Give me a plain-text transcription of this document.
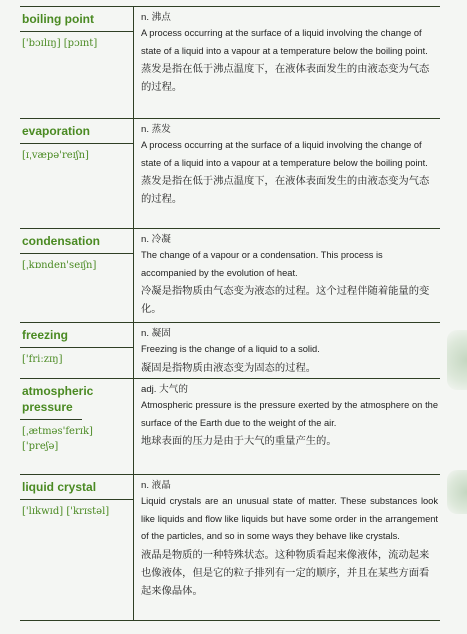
boiling point
['bɔɪlɪŋ] [pɔɪnt]
n. 沸点
A process occurring at the surface of a liquid involving the change of state of a liquid into a vapour at a temperature below the boiling point.
蒸发是指在低于沸点温度下，在液体表面发生的由液态变为气态的过程。
evaporation
[ɪˌvæpə'reɪʃn]
n. 蒸发
A process occurring at the surface of a liquid involving the change of state of a liquid into a vapour at a temperature below the boiling point.
蒸发是指在低于沸点温度下，在液体表面发生的由液态变为气态的过程。
condensation
[ˌkɒnden'seɪʃn]
n. 冷凝
The change of a vapour or a condensation. This process is accompanied by the evolution of heat.
冷凝是指物质由气态变为液态的过程。这个过程伴随着能量的变化。
freezing
['friːzɪŋ]
n. 凝固
Freezing is the change of a liquid to a solid.
凝固是指物质由液态变为固态的过程。
atmospheric pressure
[ˌætməs'ferɪk]
['preʃə]
adj. 大气的
Atmospheric pressure is the pressure exerted by the atmosphere on the surface of the Earth due to the weight of the air.
地球表面的压力是由于大气的重量产生的。
liquid crystal
['lɪkwɪd] ['krɪstəl]
n. 液晶
Liquid crystals are an unusual state of matter. These substances look like liquids and flow like liquids but have some order in the arrangement of the particles, and so in some ways they behave like crystals.
液晶是物质的一种特殊状态。这种物质看起来像液体，流动起来也像液体，但是它的粒子排列有一定的顺序，并且在某些方面看起来像晶体。
